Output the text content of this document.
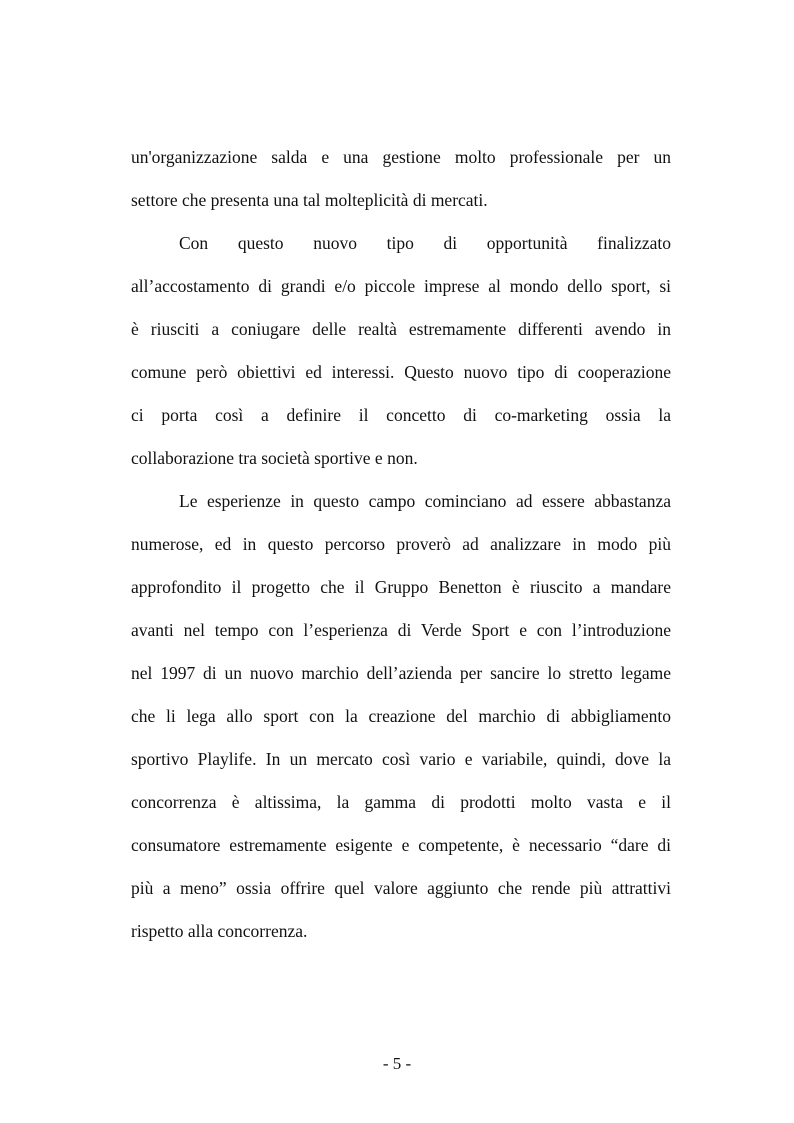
un'organizzazione salda e una gestione molto professionale per un
settore che presenta una tal molteplicità di mercati.
Con questo nuovo tipo di opportunità finalizzato
all’accostamento di grandi e/o piccole imprese al mondo dello sport, si
è riusciti a coniugare delle realtà estremamente differenti avendo in
comune però obiettivi ed interessi. Questo nuovo tipo di cooperazione
ci porta così a definire il concetto di co-marketing ossia la
collaborazione tra società sportive e non.
Le esperienze in questo campo cominciano ad essere abbastanza
numerose, ed in questo percorso proverò ad analizzare in modo più
approfondito il progetto che il Gruppo Benetton è riuscito a mandare
avanti nel tempo con l’esperienza di Verde Sport e con l’introduzione
nel 1997 di un nuovo marchio dell’azienda per sancire lo stretto legame
che li lega allo sport con la creazione del marchio di abbigliamento
sportivo Playlife. In un mercato così vario e variabile, quindi, dove la
concorrenza è altissima, la gamma di prodotti molto vasta e il
consumatore estremamente esigente e competente, è necessario “dare di
più a meno” ossia offrire quel valore aggiunto che rende più attrattivi
rispetto alla concorrenza.
- 5 -
